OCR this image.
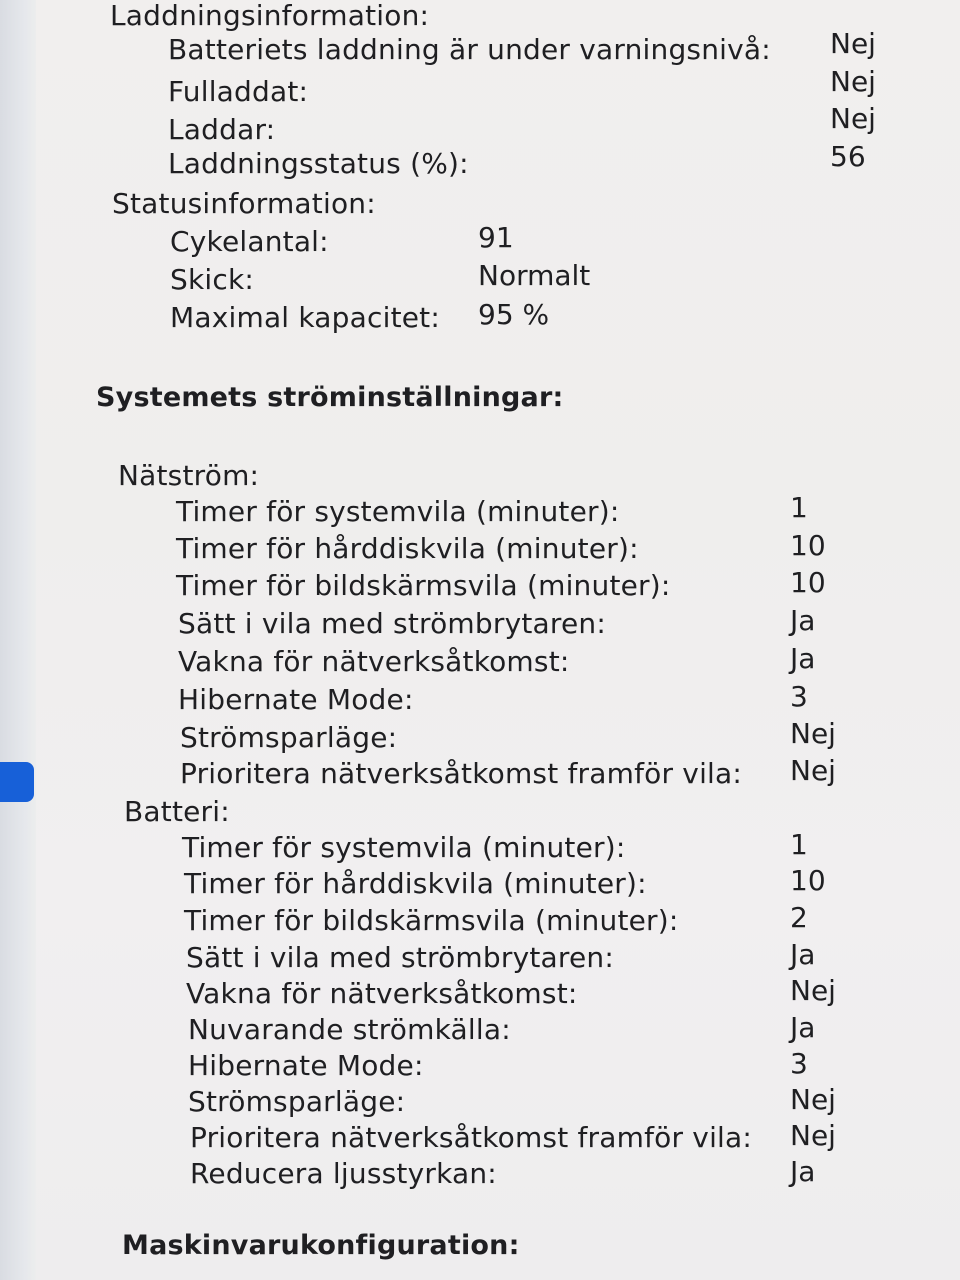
Laddningsinformation:
Batteriets laddning är under varningsnivå: Nej
Fulladdat:	Nej
Laddar:	Nej
Laddningsstatus (%):	56
Statusinformation:
Cykelantal:	91
Skick:	Normalt
Maximal kapacitet: 95 %
Systemets ströminställningar:
Nätström:
Timer för systemvila (minuter):	1
Timer för hårddiskvila (minuter):	10
Timer för bildskärmsvila (minuter):	10
Sätt i vila med strömbrytaren:	Ja
Vakna för nätverksåtkomst:	Ja
Hibernate Mode:	3
Strömsparläge:	Nej
Prioritera nätverksåtkomst framför vila: Nej
Batteri:
Timer för systemvila (minuter):	1
Timer för hårddiskvila (minuter):	10
Timer för bildskärmsvila (minuter):	2
Sätt i vila med strömbrytaren:	Ja
Vakna för nätverksåtkomst:	Nej
Nuvarande strömkälla:	Ja
Hibernate Mode:	3
Strömsparläge:	Nej
Prioritera nätverksåtkomst framför vila: Nej
Reducera ljusstyrkan:	Ja
Maskinvarukonfiguration:
